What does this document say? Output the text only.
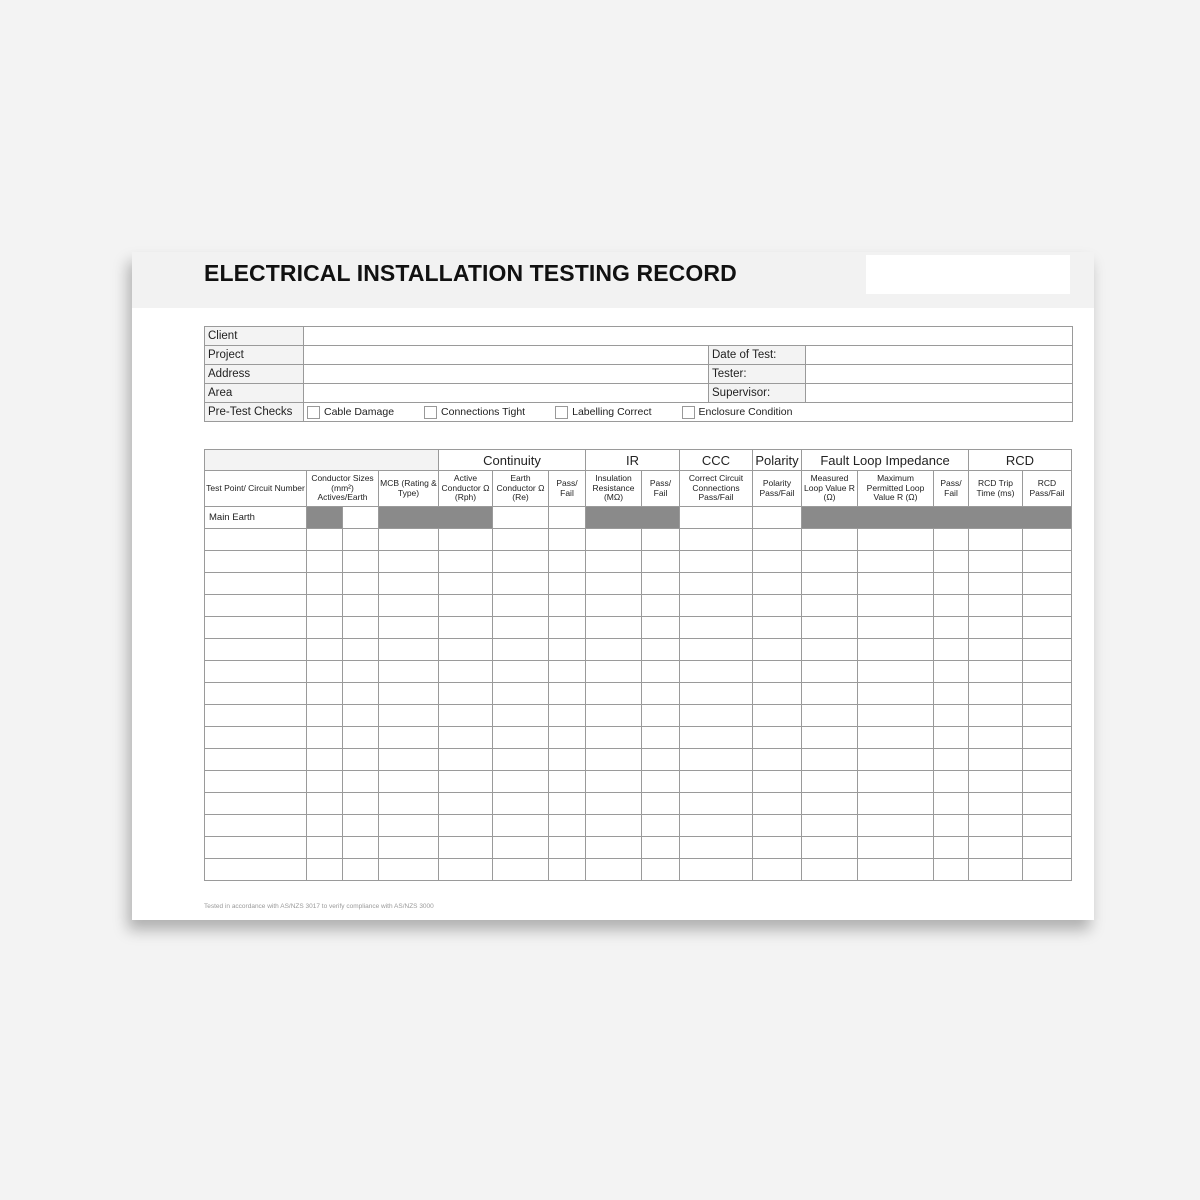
ELECTRICAL INSTALLATION TESTING RECORD
Client			
Project		Date of Test:	
Address		Tester:	
Area		Supervisor:	
Pre-Test Checks	Cable Damage Connections Tight Labelling Correct Enclosure Condition		
				Continuity			IR		CCC	Polarity	Fault Loop Impedance			RCD	
Test Point/ Circuit Number	Conductor Sizes (mm²) Actives/Earth		MCB (Rating & Type)	Active Conductor Ω (Rph)	Earth Conductor Ω (Re)	Pass/ Fail	Insulation Resistance (MΩ)	Pass/ Fail	Correct Circuit Connections Pass/Fail	Polarity Pass/Fail	Measured Loop Value R (Ω)	Maximum Permitted Loop Value R (Ω)	Pass/ Fail	RCD Trip Time (ms)	RCD Pass/Fail
Main Earth															

Tested in accordance with AS/NZS 3017 to verify compliance with AS/NZS 3000
